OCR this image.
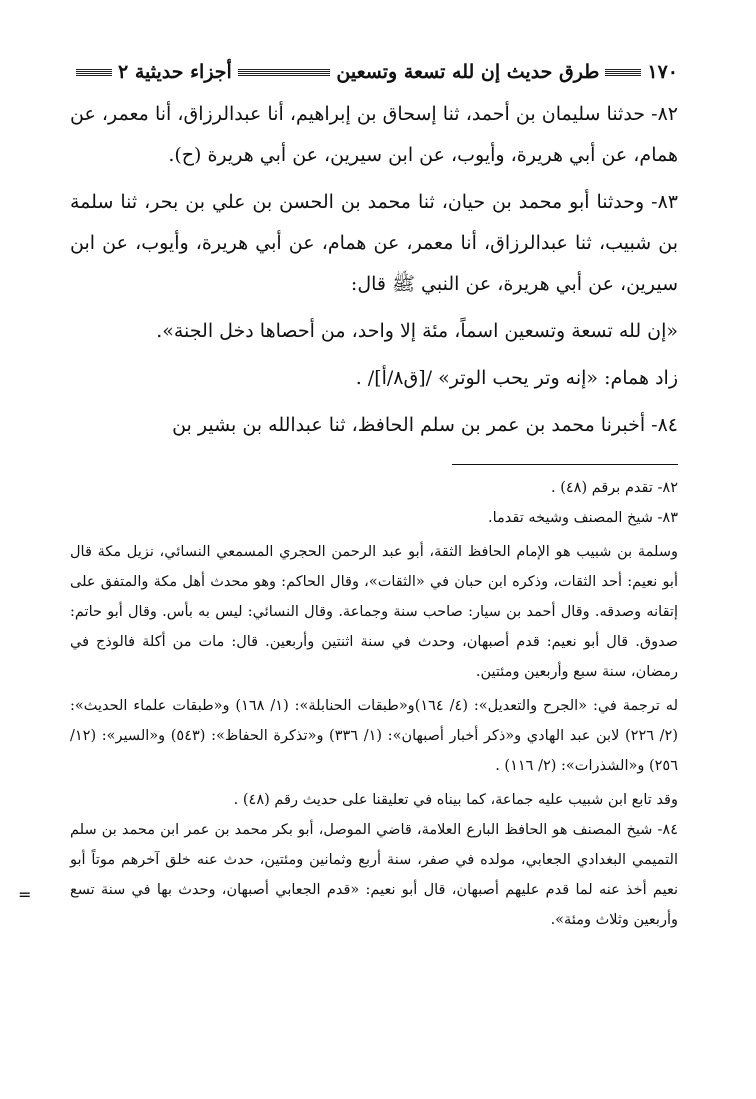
١٧٠
طرق حديث إن لله تسعة وتسعين
أجزاء حديثية ٢

٨٢- حدثنا سليمان بن أحمد، ثنا إسحاق بن إبراهيم، أنا عبدالرزاق، أنا معمر، عن همام، عن أبي هريرة، وأيوب، عن ابن سيرين، عن أبي هريرة (ح).

٨٣- وحدثنا أبو محمد بن حيان، ثنا محمد بن الحسن بن علي بن بحر، ثنا سلمة بن شبيب، ثنا عبدالرزاق، أنا معمر، عن همام، عن أبي هريرة، وأيوب، عن ابن سيرين، عن أبي هريرة، عن النبي ﷺ قال:

«إن لله تسعة وتسعين اسماً، مئة إلا واحد، من أحصاها دخل الجنة».

زاد همام: «إنه وتر يحب الوتر» /[ق٨/أ]/ .

٨٤- أخبرنا محمد بن عمر بن سلم الحافظ، ثنا عبدالله بن بشير بن

٨٢- تقدم برقم (٤٨) .

٨٣- شيخ المصنف وشيخه تقدما.

وسلمة بن شبيب هو الإمام الحافظ الثقة، أبو عبد الرحمن الحجري المسمعي النسائي، نزيل مكة قال أبو نعيم: أحد الثقات، وذكره ابن حبان في «الثقات»، وقال الحاكم: وهو محدث أهل مكة والمتفق على إتقانه وصدقه. وقال أحمد بن سيار: صاحب سنة وجماعة. وقال النسائي: ليس به بأس. وقال أبو حاتم: صدوق. قال أبو نعيم: قدم أصبهان، وحدث في سنة اثنتين وأربعين. قال: مات من أكلة فالوذج في رمضان، سنة سبع وأربعين ومئتين.

له ترجمة في: «الجرح والتعديل»: (٤/ ١٦٤)و«طبقات الحنابلة»: (١/ ١٦٨) و«طبقات علماء الحديث»: (٢/ ٢٢٦) لابن عبد الهادي و«ذكر أخبار أصبهان»: (١/ ٣٣٦) و«تذكرة الحفاظ»: (٥٤٣) و«السير»: (١٢/ ٢٥٦) و«الشذرات»: (٢/ ١١٦) .

وقد تابع ابن شبيب عليه جماعة، كما بيناه في تعليقنا على حديث رقم (٤٨) .

٨٤- شيخ المصنف هو الحافظ البارع العلامة، قاضي الموصل، أبو بكر محمد بن عمر ابن محمد بن سلم التميمي البغدادي الجعابي، مولده في صفر، سنة أربع وثمانين ومئتين، حدث عنه خلق آخرهم موتاً أبو نعيم أخذ عنه لما قدم عليهم أصبهان، قال أبو نعيم: «قدم الجعابي أصبهان، وحدث بها في سنة تسع وأربعين وثلاث ومئة».

=
